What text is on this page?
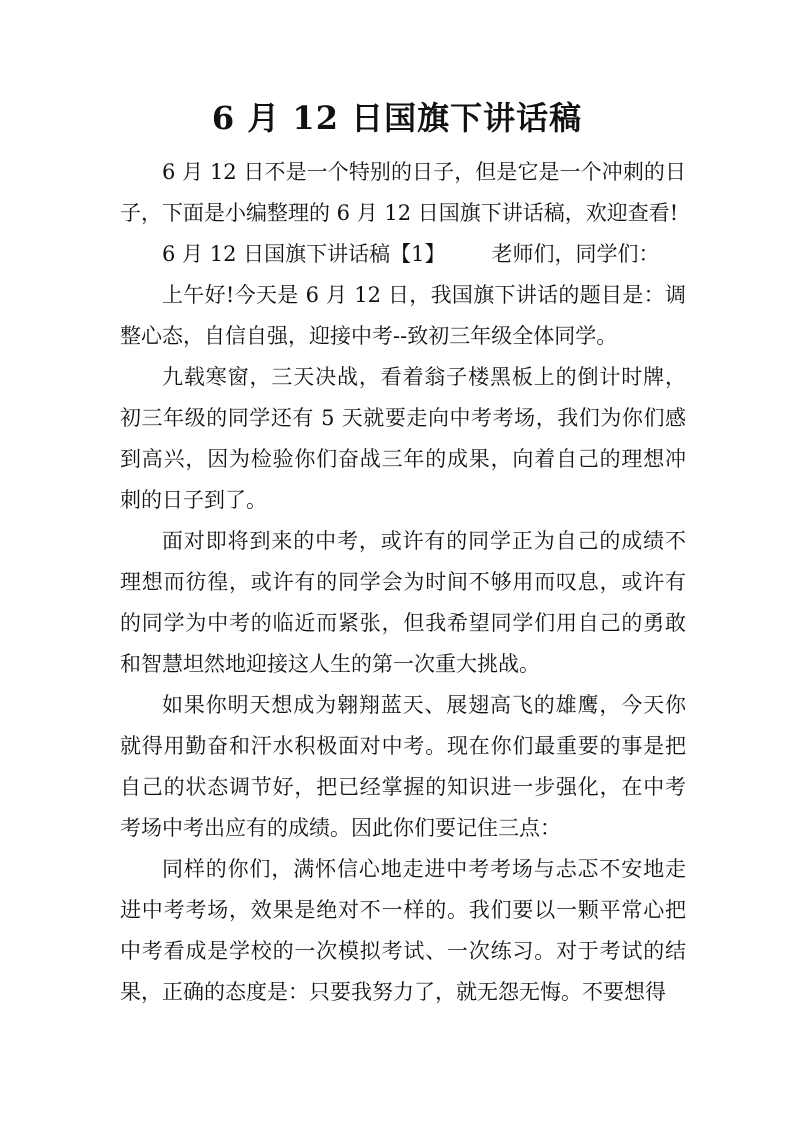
6 月 12 日国旗下讲话稿

6 月 12 日不是一个特别的日子，但是它是一个冲刺的日子，下面是小编整理的 6 月 12 日国旗下讲话稿，欢迎查看!

6 月 12 日国旗下讲话稿【1】 老师们，同学们：

上午好!今天是 6 月 12 日，我国旗下讲话的题目是：调整心态，自信自强，迎接中考--致初三年级全体同学。

九载寒窗，三天决战，看着翁子楼黑板上的倒计时牌，初三年级的同学还有 5 天就要走向中考考场，我们为你们感到高兴，因为检验你们奋战三年的成果，向着自己的理想冲刺的日子到了。

面对即将到来的中考，或许有的同学正为自己的成绩不理想而彷徨，或许有的同学会为时间不够用而叹息，或许有的同学为中考的临近而紧张，但我希望同学们用自己的勇敢和智慧坦然地迎接这人生的第一次重大挑战。

如果你明天想成为翱翔蓝天、展翅高飞的雄鹰，今天你就得用勤奋和汗水积极面对中考。现在你们最重要的事是把自己的状态调节好，把已经掌握的知识进一步强化，在中考考场中考出应有的成绩。因此你们要记住三点：

同样的你们，满怀信心地走进中考考场与忐忑不安地走进中考考场，效果是绝对不一样的。我们要以一颗平常心把中考看成是学校的一次模拟考试、一次练习。对于考试的结果，正确的态度是：只要我努力了，就无怨无悔。不要想得
